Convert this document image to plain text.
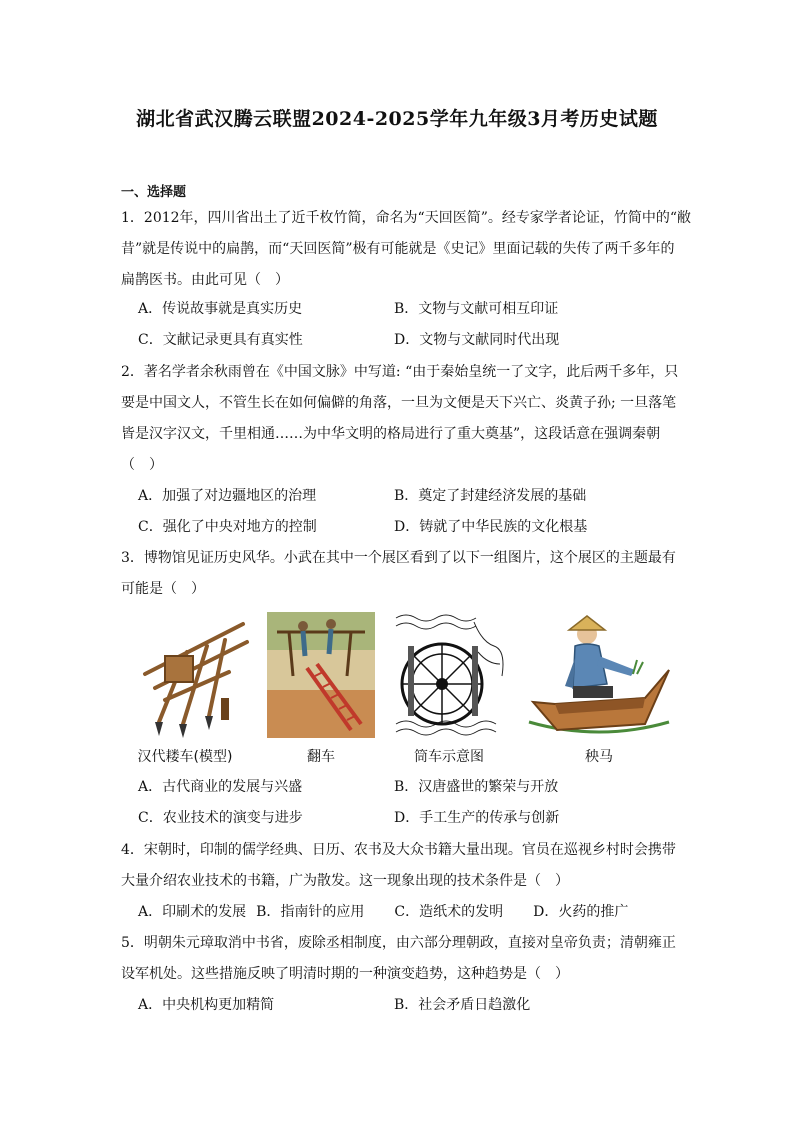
湖北省武汉腾云联盟2024-2025学年九年级3月考历史试题
一、选择题
1．2012年，四川省出土了近千枚竹简，命名为“天回医简”。经专家学者论证，竹简中的“敝
昔”就是传说中的扁鹊，而“天回医简”极有可能就是《史记》里面记载的失传了两千多年的
扁鹊医书。由此可见（　）
A．传说故事就是真实历史	B．文物与文献可相互印证
C．文献记录更具有真实性	D．文物与文献同时代出现
2．著名学者余秋雨曾在《中国文脉》中写道: “由于秦始皇统一了文字，此后两千多年，只
要是中国文人，不管生长在如何偏僻的角落，一旦为文便是天下兴亡、炎黄子孙; 一旦落笔
皆是汉字汉文，千里相通……为中华文明的格局进行了重大奠基”，这段话意在强调秦朝
（　）
A．加强了对边疆地区的治理	B．奠定了封建经济发展的基础
C．强化了中央对地方的控制	D．铸就了中华民族的文化根基
3．博物馆见证历史风华。小武在其中一个展区看到了以下一组图片，这个展区的主题最有
可能是（　）
汉代耧车(模型)	翻车	筒车示意图	秧马
A．古代商业的发展与兴盛	B．汉唐盛世的繁荣与开放
C．农业技术的演变与进步	D．手工生产的传承与创新
4．宋朝时，印制的儒学经典、日历、农书及大众书籍大量出现。官员在巡视乡村时会携带
大量介绍农业技术的书籍，广为散发。这一现象出现的技术条件是（　）
A．印刷术的发展 B．指南针的应用 C．造纸术的发明 D．火药的推广
5．明朝朱元璋取消中书省，废除丞相制度，由六部分理朝政，直接对皇帝负责；清朝雍正
设军机处。这些措施反映了明清时期的一种演变趋势，这种趋势是（　）
A．中央机构更加精简	B．社会矛盾日趋激化
